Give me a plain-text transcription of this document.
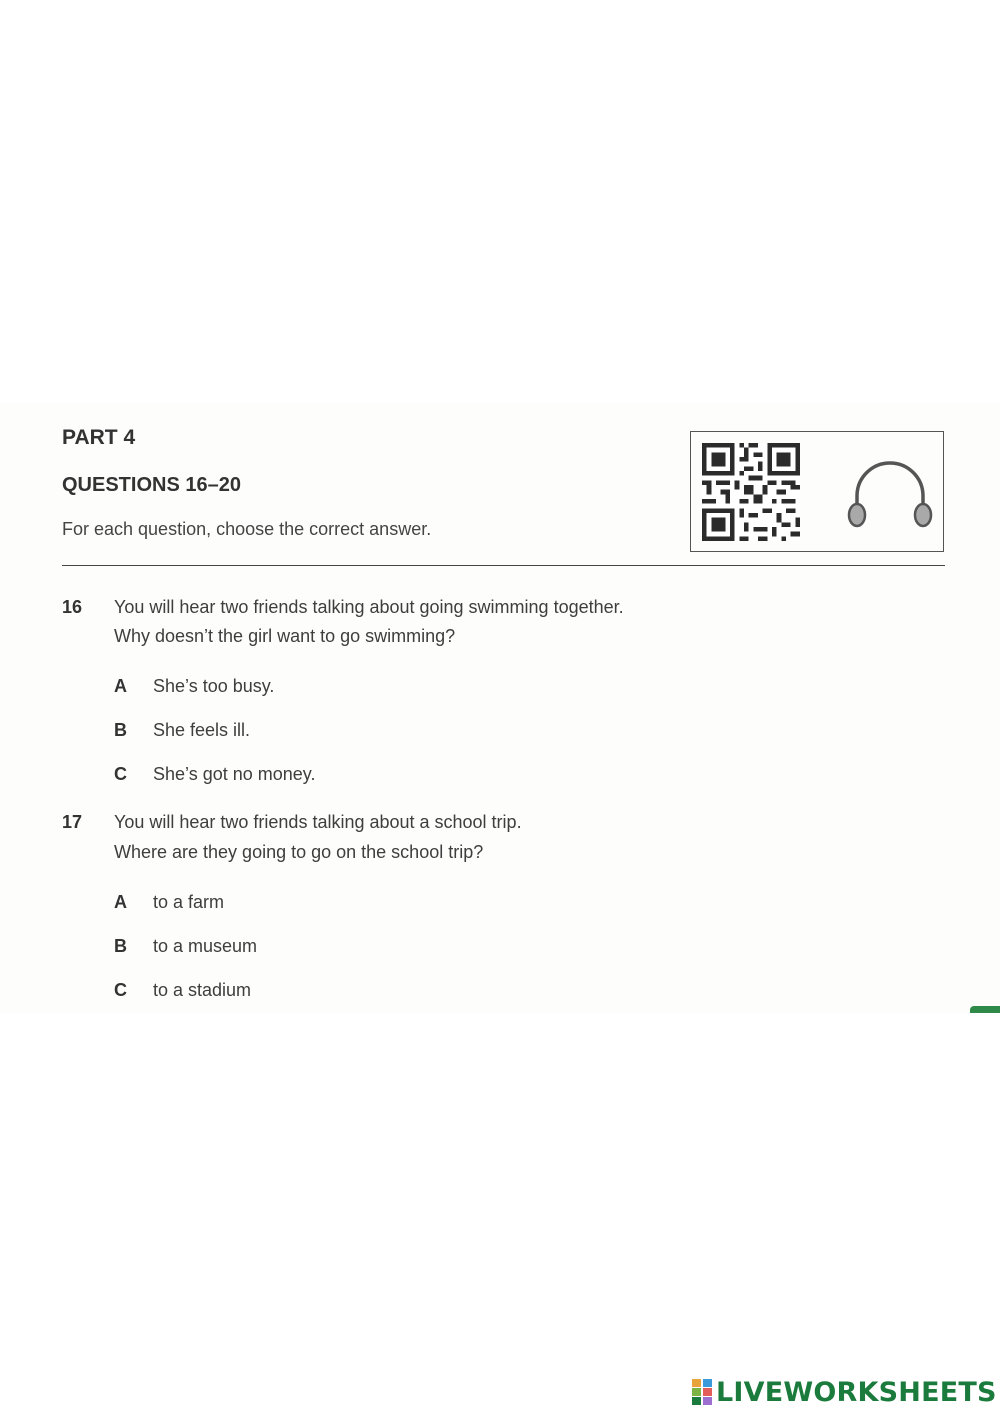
PART 4
QUESTIONS 16–20

For each question, choose the correct answer.

16 You will hear two friends talking about going swimming together.
Why doesn’t the girl want to go swimming?
A She’s too busy.
B She feels ill.
C She’s got no money.
17 You will hear two friends talking about a school trip.
Where are they going to go on the school trip?
A to a farm
B to a museum
C to a stadium
LIVEWORKSHEETS
